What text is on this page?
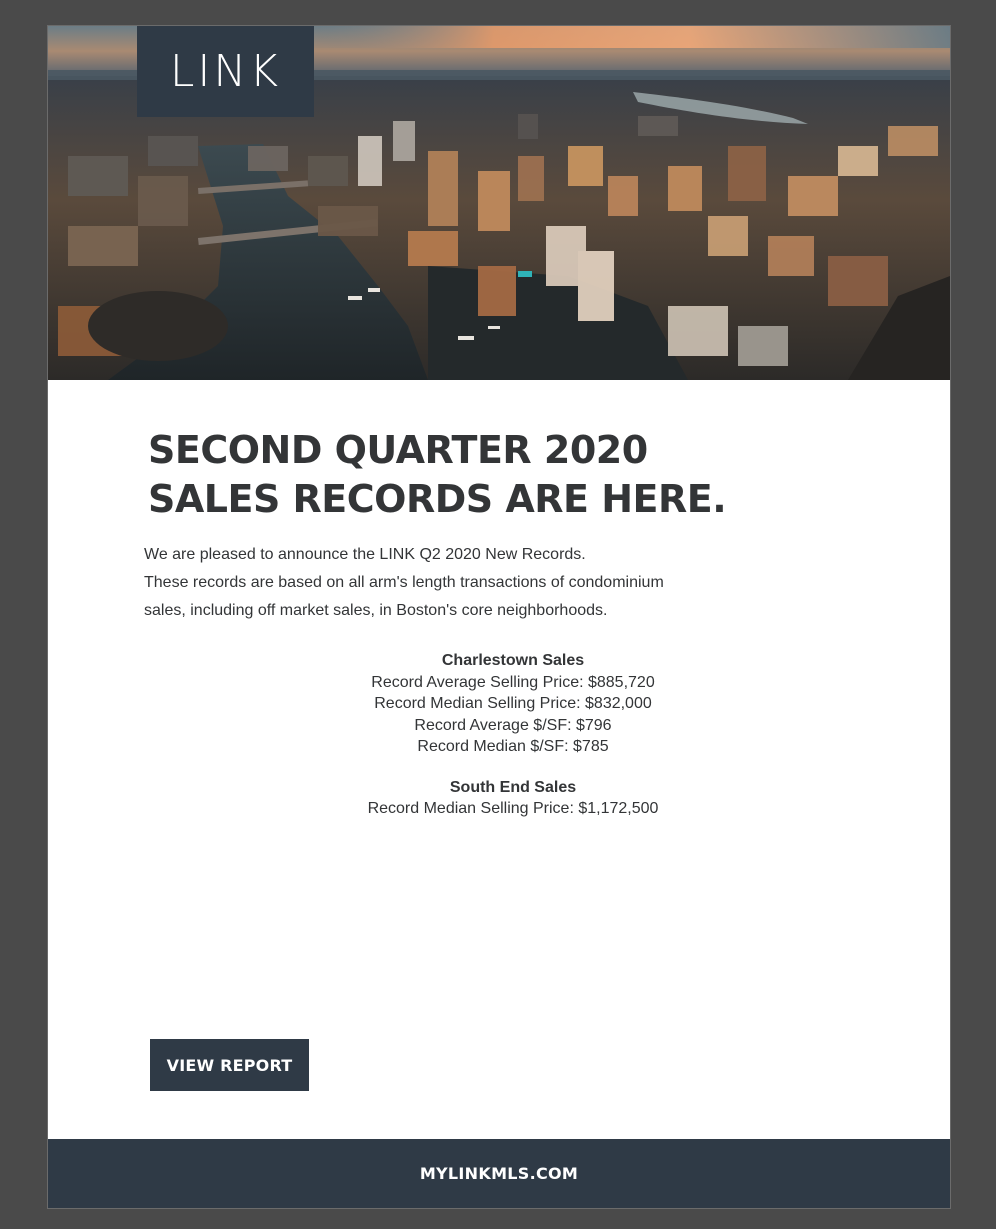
LINK
SECOND QUARTER 2020
SALES RECORDS ARE HERE.
We are pleased to announce the LINK Q2 2020 New Records.
These records are based on all arm's length transactions of condominium
sales, including off market sales, in Boston's core neighborhoods.
Charlestown Sales
Record Average Selling Price: $885,720
Record Median Selling Price: $832,000
Record Average $/SF: $796
Record Median $/SF: $785
South End Sales
Record Median Selling Price: $1,172,500
VIEW REPORT
MYLINKMLS.COM
